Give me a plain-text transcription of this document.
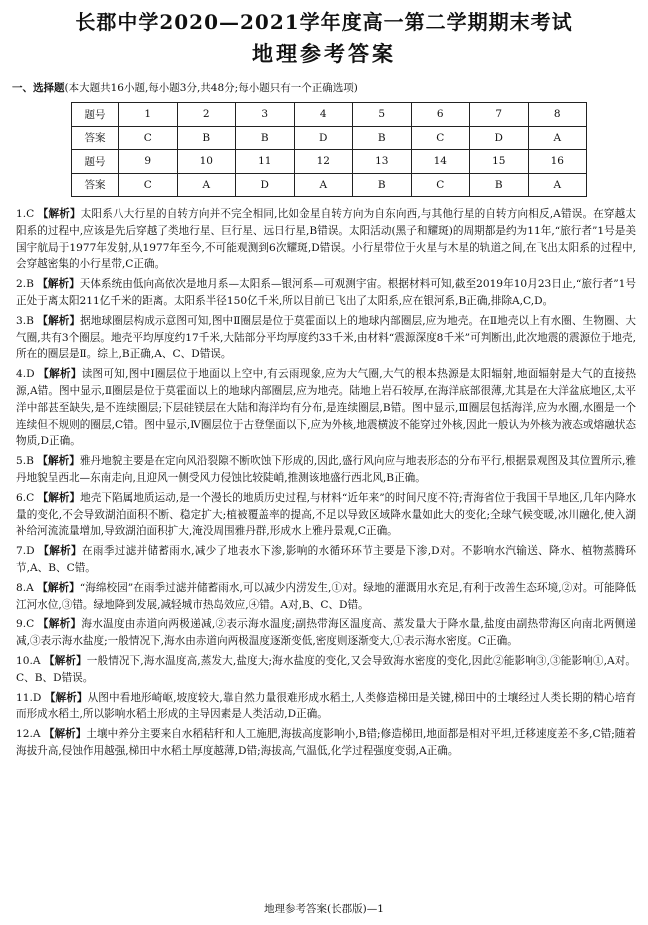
长郡中学2020—2021学年度高一第二学期期末考试
地理参考答案
一、选择题(本大题共16小题,每小题3分,共48分;每小题只有一个正确选项)
题号	1	2	3	4	5	6	7	8
答案	C	B	B	D	B	C	D	A
题号	9	10	11	12	13	14	15	16
答案	C	A	D	A	B	C	B	A
1.C 【解析】太阳系八大行星的自转方向并不完全相同,比如金星自转方向为自东向西,与其他行星的自转方向相反,A错误。在穿越太阳系的过程中,应该是先后穿越了类地行星、巨行星、远日行星,B错误。太阳活动(黑子和耀斑)的周期都是约为11年,“旅行者”1号是美国宇航局于1977年发射,从1977年至今,不可能观测到6次耀斑,D错误。小行星带位于火星与木星的轨道之间,在飞出太阳系的过程中,会穿越密集的小行星带,C正确。
2.B 【解析】天体系统由低向高依次是地月系—太阳系—银河系—可观测宇宙。根据材料可知,截至2019年10月23日止,“旅行者”1号正处于离太阳211亿千米的距离。太阳系半径150亿千米,所以目前已飞出了太阳系,应在银河系,B正确,排除A,C,D。
3.B 【解析】据地球圈层构成示意图可知,图中Ⅱ圈层是位于莫霍面以上的地球内部圈层,应为地壳。在Ⅱ地壳以上有水圈、生物圈、大气圈,共有3个圈层。地壳平均厚度约17千米,大陆部分平均厚度约33千米,由材料“震源深度8千米”可判断出,此次地震的震源位于地壳,所在的圈层是Ⅱ。综上,B正确,A、C、D错误。
4.D 【解析】读图可知,图中Ⅰ圈层位于地面以上空中,有云雨现象,应为大气圈,大气的根本热源是太阳辐射,地面辐射是大气的直接热源,A错。图中显示,Ⅱ圈层是位于莫霍面以上的地球内部圈层,应为地壳。陆地上岩石较厚,在海洋底部很薄,尤其是在大洋盆底地区,太平洋中部甚至缺失,是不连续圈层;下层硅镁层在大陆和海洋均有分布,是连续圈层,B错。图中显示,Ⅲ圈层包括海洋,应为水圈,水圈是一个连续但不规则的圈层,C错。图中显示,Ⅳ圈层位于古登堡面以下,应为外核,地震横波不能穿过外核,因此一般认为外核为液态或熔融状态物质,D正确。
5.B 【解析】雅丹地貌主要是在定向风沿裂隙不断吹蚀下形成的,因此,盛行风向应与地表形态的分布平行,根据景观图及其位置所示,雅丹地貌呈西北—东南走向,且迎风一侧受风力侵蚀比较陡峭,推测该地盛行西北风,B正确。
6.C 【解析】地壳下陷属地质运动,是一个漫长的地质历史过程,与材料“近年来”的时间尺度不符;青海省位于我国干旱地区,几年内降水量的变化,不会导致湖泊面积不断、稳定扩大;植被覆盖率的提高,不足以导致区域降水量如此大的变化;全球气候变暖,冰川融化,使入湖补给河流流量增加,导致湖泊面积扩大,淹没周围雅丹群,形成水上雅丹景观,C正确。
7.D 【解析】在雨季过滤并储蓄雨水,减少了地表水下渗,影响的水循环环节主要是下渗,D对。不影响水汽输送、降水、植物蒸腾环节,A、B、C错。
8.A 【解析】“海绵校园”在雨季过滤并储蓄雨水,可以减少内涝发生,①对。绿地的灌溉用水充足,有利于改善生态环境,②对。可能降低江河水位,③错。绿地降到发展,减轻城市热岛效应,④错。A对,B、C、D错。
9.C 【解析】海水温度由赤道向两极递减,②表示海水温度;副热带海区温度高、蒸发量大于降水量,盐度由副热带海区向南北两侧递减,③表示海水盐度;一般情况下,海水由赤道向两极温度逐渐变低,密度则逐渐变大,①表示海水密度。C正确。
10.A 【解析】一般情况下,海水温度高,蒸发大,盐度大;海水盐度的变化,又会导致海水密度的变化,因此②能影响③,③能影响①,A对。C、B、D错误。
11.D 【解析】从图中看地形崎岖,坡度较大,靠自然力量很难形成水稻土,人类修造梯田是关键,梯田中的土壤经过人类长期的精心培育而形成水稻土,所以影响水稻土形成的主导因素是人类活动,D正确。
12.A 【解析】土壤中养分主要来自水稻秸秆和人工施肥,海拔高度影响小,B错;修造梯田,地面都是相对平坦,迁移速度差不多,C错;随着海拔升高,侵蚀作用越强,梯田中水稻土厚度越薄,D错;海拔高,气温低,化学过程强度变弱,A正确。
地理参考答案(长郡版)—1
